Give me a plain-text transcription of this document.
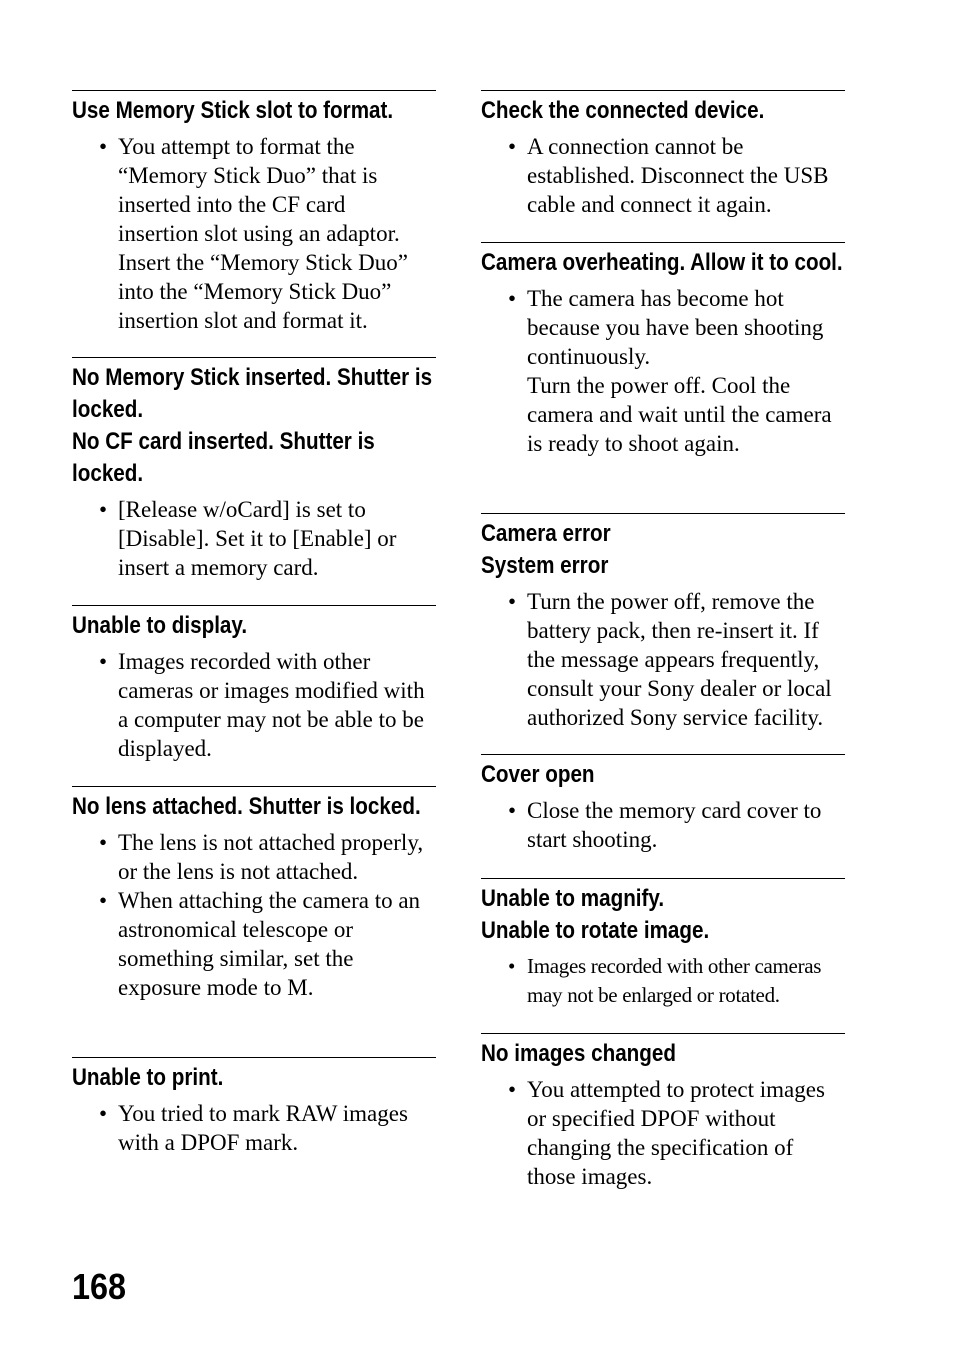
Use Memory Stick slot to format.
• You attempt to format the
“Memory Stick Duo” that is
inserted into the CF card
insertion slot using an adaptor.
Insert the “Memory Stick Duo”
into the “Memory Stick Duo”
insertion slot and format it.
No Memory Stick inserted. Shutter is locked.
No CF card inserted. Shutter is locked.
• [Release w/oCard] is set to
[Disable]. Set it to [Enable] or
insert a memory card.
Unable to display.
• Images recorded with other
cameras or images modified with
a computer may not be able to be
displayed.
No lens attached. Shutter is locked.
• The lens is not attached properly,
or the lens is not attached.
• When attaching the camera to an
astronomical telescope or
something similar, set the
exposure mode to M.
Unable to print.
• You tried to mark RAW images
with a DPOF mark.
Check the connected device.
• A connection cannot be
established. Disconnect the USB
cable and connect it again.
Camera overheating. Allow it to cool.
• The camera has become hot
because you have been shooting
continuously.
Turn the power off. Cool the
camera and wait until the camera
is ready to shoot again.
Camera error
System error
• Turn the power off, remove the
battery pack, then re-insert it. If
the message appears frequently,
consult your Sony dealer or local
authorized Sony service facility.
Cover open
• Close the memory card cover to
start shooting.
Unable to magnify.
Unable to rotate image.
• Images recorded with other cameras
may not be enlarged or rotated.
No images changed
• You attempted to protect images
or specified DPOF without
changing the specification of
those images.
168
